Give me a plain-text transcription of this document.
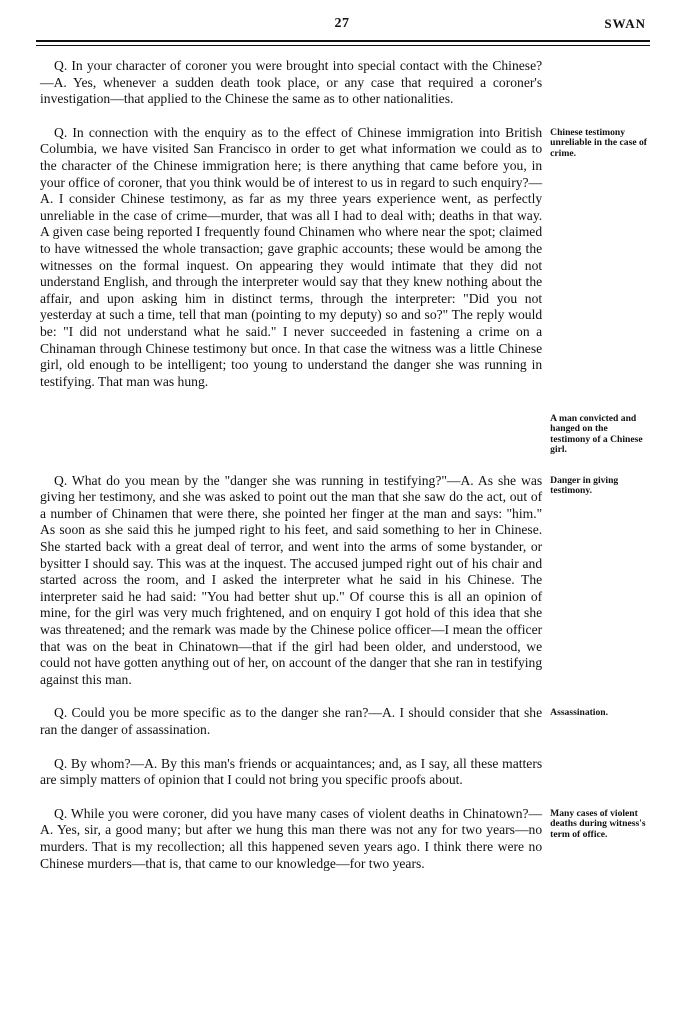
27	SWAN

Q. In your character of coroner you were brought into special contact with the Chinese?—A. Yes, whenever a sudden death took place, or any case that required a coroner's investigation—that applied to the Chinese the same as to other nationalities.

Q. In connection with the enquiry as to the effect of Chinese immigration into British Columbia, we have visited San Francisco in order to get what information we could as to the character of the Chinese immigration here; is there anything that came before you, in your office of coroner, that you think would be of interest to us in regard to such enquiry?—A. I consider Chinese testimony, as far as my three years experience went, as perfectly unreliable in the case of crime—murder, that was all I had to deal with; deaths in that way. A given case being reported I frequently found Chinamen who where near the spot; claimed to have witnessed the whole transaction; gave graphic accounts; these would be among the witnesses on the formal inquest. On appearing they would intimate that they did not understand English, and through the interpreter would say that they knew nothing about the affair, and upon asking him in distinct terms, through the interpreter: "Did you not yesterday at such a time, tell that man (pointing to my deputy) so and so?" The reply would be: "I did not understand what he said." I never succeeded in fastening a crime on a Chinaman through Chinese testimony but once. In that case the witness was a little Chinese girl, old enough to be intelligent; too young to understand the danger she was running in testifying. That man was hung.

Chinese testimony unreliable in the case of crime.
A man convicted and hanged on the testimony of a Chinese girl.

Q. What do you mean by the "danger she was running in testifying?"—A. As she was giving her testimony, and she was asked to point out the man that she saw do the act, out of a number of Chinamen that were there, she pointed her finger at the man and says: "him." As soon as she said this he jumped right to his feet, and said something to her in Chinese. She started back with a great deal of terror, and went into the arms of some bystander, or bysitter I should say. This was at the inquest. The accused jumped right out of his chair and started across the room, and I asked the interpreter what he said in his Chinese. The interpreter said he had said: "You had better shut up." Of course this is all an opinion of mine, for the girl was very much frightened, and on enquiry I got hold of this idea that she was threatened; and the remark was made by the Chinese police officer—I mean the officer that was on the beat in Chinatown—that if the girl had been older, and understood, we could not have gotten anything out of her, on account of the danger that she ran in testifying against this man.

Danger in giving testimony.

Q. Could you be more specific as to the danger she ran?—A. I should consider that she ran the danger of assassination.

Assassination.

Q. By whom?—A. By this man's friends or acquaintances; and, as I say, all these matters are simply matters of opinion that I could not bring you specific proofs about.

Q. While you were coroner, did you have many cases of violent deaths in Chinatown?—A. Yes, sir, a good many; but after we hung this man there was not any for two years—no murders. That is my recollection; all this happened seven years ago. I think there were no Chinese murders—that is, that came to our knowledge—for two years.

Many cases of violent deaths during witness's term of office.
